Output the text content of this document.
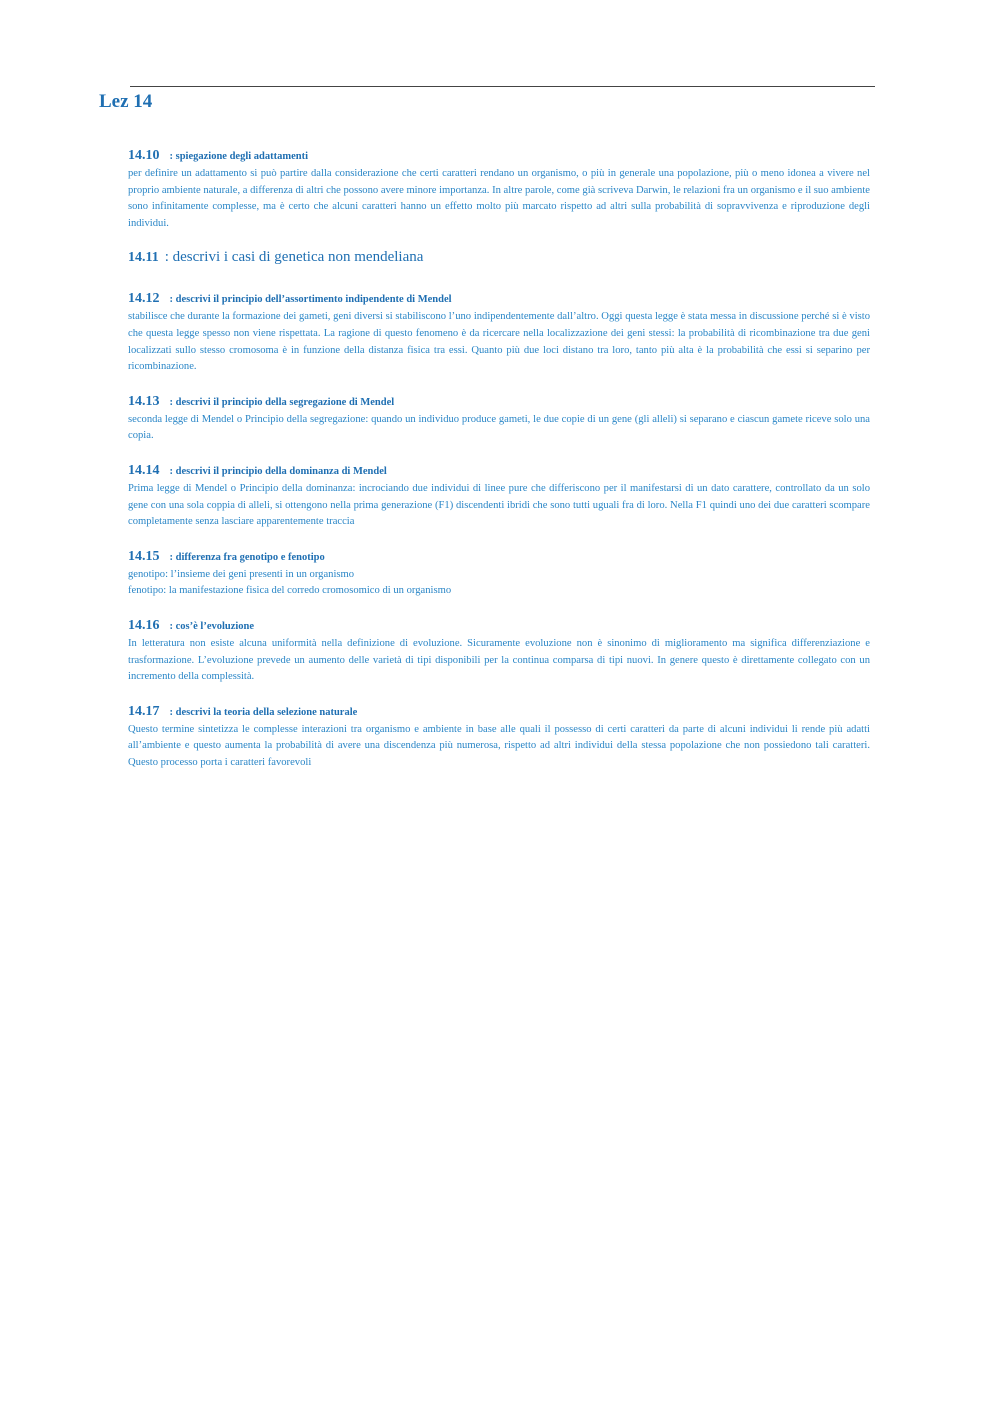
Lez 14

14.10 : spiegazione degli adattamenti

per definire un adattamento si può partire dalla considerazione che certi caratteri rendano un organismo, o più in generale una popolazione, più o meno idonea a vivere nel proprio ambiente naturale, a differenza di altri che possono avere minore importanza. In altre parole, come già scriveva Darwin, le relazioni fra un organismo e il suo ambiente sono infinitamente complesse, ma è certo che alcuni caratteri hanno un effetto molto più marcato rispetto ad altri sulla probabilità di sopravvivenza e riproduzione degli individui.

14.11 : descrivi i casi di genetica non mendeliana

14.12 : descrivi il principio dell’assortimento indipendente di Mendel

stabilisce che durante la formazione dei gameti, geni diversi si stabiliscono l’uno indipendentemente dall’altro. Oggi questa legge è stata messa in discussione perché si è visto che questa legge spesso non viene rispettata. La ragione di questo fenomeno è da ricercare nella localizzazione dei geni stessi: la probabilità di ricombinazione tra due geni localizzati sullo stesso cromosoma è in funzione della distanza fisica tra essi. Quanto più due loci distano tra loro, tanto più alta è la probabilità che essi si separino per ricombinazione.

14.13 : descrivi il principio della segregazione di Mendel

seconda legge di Mendel o Principio della segregazione: quando un individuo produce gameti, le due copie di un gene (gli alleli) si separano e ciascun gamete riceve solo una copia.

14.14 : descrivi il principio della dominanza di Mendel

Prima legge di Mendel o Principio della dominanza: incrociando due individui di linee pure che differiscono per il manifestarsi di un dato carattere, controllato da un solo gene con una sola coppia di alleli, si ottengono nella prima generazione (F1) discendenti ibridi che sono tutti uguali fra di loro. Nella F1 quindi uno dei due caratteri scompare completamente senza lasciare apparentemente traccia

14.15 : differenza fra genotipo e fenotipo

genotipo: l’insieme dei geni presenti in un organismo
fenotipo: la manifestazione fisica del corredo cromosomico di un organismo

14.16 : cos’è l’evoluzione

In letteratura non esiste alcuna uniformità nella definizione di evoluzione. Sicuramente evoluzione non è sinonimo di miglioramento ma significa differenziazione e trasformazione. L’evoluzione prevede un aumento delle varietà di tipi disponibili per la continua comparsa di tipi nuovi. In genere questo è direttamente collegato con un incremento della complessità.

14.17 : descrivi la teoria della selezione naturale

Questo termine sintetizza le complesse interazioni tra organismo e ambiente in base alle quali il possesso di certi caratteri da parte di alcuni individui li rende più adatti all’ambiente e questo aumenta la probabilità di avere una discendenza più numerosa, rispetto ad altri individui della stessa popolazione che non possiedono tali caratteri. Questo processo porta i caratteri favorevoli
